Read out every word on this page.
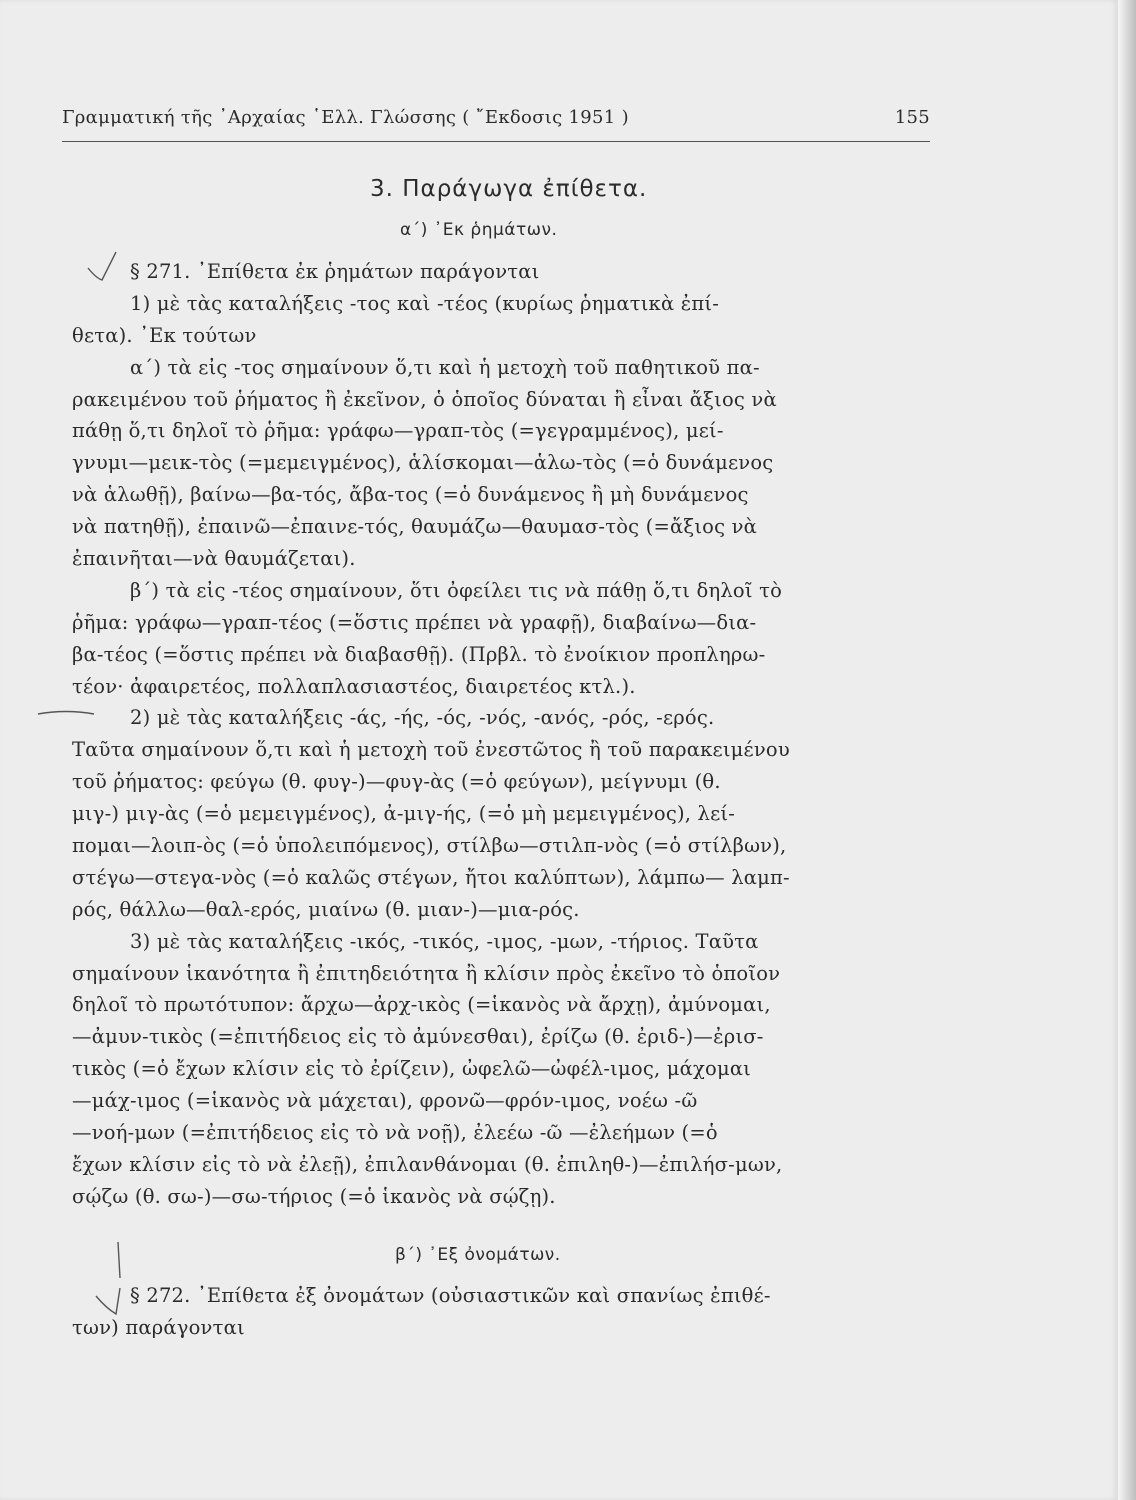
Γραμματική τῆς ᾽Αρχαίας ῾Ελλ. Γλώσσης ( ῎Εκδοσις 1951 )	155
3. Παράγωγα ἐπίθετα.
α΄) ᾽Εκ ῥημάτων.
§ 271. ᾽Επίθετα ἐκ ῥημάτων παράγονται
1) μὲ τὰς καταλήξεις -τος καὶ -τέος (κυρίως ῥηματικὰ ἐπί-
θετα). ᾽Εκ τούτων
α΄) τὰ εἰς -τος σημαίνουν ὅ,τι καὶ ἡ μετοχὴ τοῦ παθητικοῦ πα-
ρακειμένου τοῦ ῥήματος ἢ ἐκεῖνον, ὁ ὁποῖος δύναται ἢ εἶναι ἄξιος νὰ
πάθῃ ὅ,τι δηλοῖ τὸ ῥῆμα: γράφω—γραπ-τὸς (=γεγραμμένος), μεί-
γνυμι—μεικ-τὸς (=μεμειγμένος), ἁλίσκομαι—ἁλω-τὸς (=ὁ δυνάμενος
νὰ ἁλωθῇ), βαίνω—βα-τός, ἄβα-τος (=ὁ δυνάμενος ἢ μὴ δυνάμενος
νὰ πατηθῇ), ἐπαινῶ—ἐπαινε-τός, θαυμάζω—θαυμασ-τὸς (=ἄξιος νὰ
ἐπαινῆται—νὰ θαυμάζεται).
β΄) τὰ εἰς -τέος σημαίνουν, ὅτι ὀφείλει τις νὰ πάθῃ ὅ,τι δηλοῖ τὸ
ῥῆμα: γράφω—γραπ-τέος (=ὅστις πρέπει νὰ γραφῇ), διαβαίνω—δια-
βα-τέος (=ὅστις πρέπει νὰ διαβασθῇ). (Πρβλ. τὸ ἐνοίκιον προπληρω-
τέον· ἀφαιρετέος, πολλαπλασιαστέος, διαιρετέος κτλ.).
2) μὲ τὰς καταλήξεις -άς, -ής, -ός, -νός, -ανός, -ρός, -ερός.
Ταῦτα σημαίνουν ὅ,τι καὶ ἡ μετοχὴ τοῦ ἐνεστῶτος ἢ τοῦ παρακειμένου
τοῦ ῥήματος: φεύγω (θ. φυγ-)—φυγ-ὰς (=ὁ φεύγων), μείγνυμι (θ.
μιγ-) μιγ-ὰς (=ὁ μεμειγμένος), ἀ-μιγ-ής, (=ὁ μὴ μεμειγμένος), λεί-
πομαι—λοιπ-ὸς (=ὁ ὑπολειπόμενος), στίλβω—στιλπ-νὸς (=ὁ στίλβων),
στέγω—στεγα-νὸς (=ὁ καλῶς στέγων, ἤτοι καλύπτων), λάμπω— λαμπ-
ρός, θάλλω—θαλ-ερός, μιαίνω (θ. μιαν-)—μια-ρός.
3) μὲ τὰς καταλήξεις -ικός, -τικός, -ιμος, -μων, -τήριος. Ταῦτα
σημαίνουν ἱκανότητα ἢ ἐπιτηδειότητα ἢ κλίσιν πρὸς ἐκεῖνο τὸ ὁποῖον
δηλοῖ τὸ πρωτότυπον: ἄρχω—ἀρχ-ικὸς (=ἱκανὸς νὰ ἄρχῃ), ἀμύνομαι,
—ἀμυν-τικὸς (=ἐπιτήδειος εἰς τὸ ἀμύνεσθαι), ἐρίζω (θ. ἐριδ-)—ἐρισ-
τικὸς (=ὁ ἔχων κλίσιν εἰς τὸ ἐρίζειν), ὠφελῶ—ὠφέλ-ιμος, μάχομαι
—μάχ-ιμος (=ἱκανὸς νὰ μάχεται), φρονῶ—φρόν-ιμος, νοέω -ῶ
—νοή-μων (=ἐπιτήδειος εἰς τὸ νὰ νοῇ), ἐλεέω -ῶ —ἐλεήμων (=ὁ
ἔχων κλίσιν εἰς τὸ νὰ ἐλεῇ), ἐπιλανθάνομαι (θ. ἐπιληθ-)—ἐπιλήσ-μων,
σῴζω (θ. σω-)—σω-τήριος (=ὁ ἱκανὸς νὰ σῴζῃ).
β΄) ᾽Εξ ὀνομάτων.
§ 272. ᾽Επίθετα ἐξ ὀνομάτων (οὐσιαστικῶν καὶ σπανίως ἐπιθέ-
των) παράγονται
